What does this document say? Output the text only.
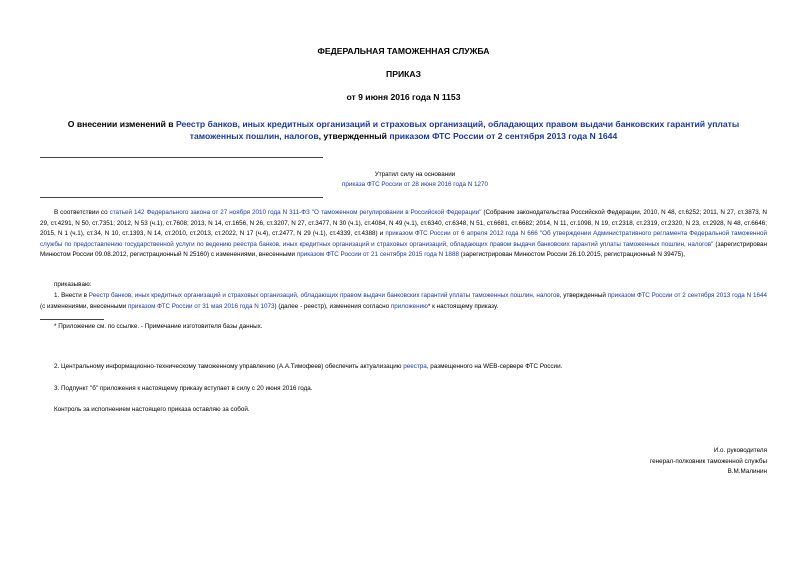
ФЕДЕРАЛЬНАЯ ТАМОЖЕННАЯ СЛУЖБА
ПРИКАЗ
от 9 июня 2016 года N 1153
О внесении изменений в Реестр банков, иных кредитных организаций и страховых организаций, обладающих правом выдачи банковских гарантий уплаты таможенных пошлин, налогов, утвержденный приказом ФТС России от 2 сентября 2013 года N 1644
Утратил силу на основании
приказа ФТС России от 28 июня 2016 года N 1270
В соответствии со статьей 142 Федерального закона от 27 ноября 2010 года N 311-ФЗ "О таможенном регулировании в Российской Федерации" (Собрание законодательства Российской Федерации, 2010, N 48, ст.6252; 2011, N 27, ст.3873, N 29, ст.4291, N 50, ст.7351; 2012, N 53 (ч.1), ст.7608; 2013, N 14, ст.1656, N 26, ст.3207, N 27, ст.3477, N 30 (ч.1), ст.4084, N 49 (ч.1), ст.6340, ст.6348, N 51, ст.6681, ст.6682; 2014, N 11, ст.1098, N 19, ст.2318, ст.2319, ст.2320, N 23, ст.2928, N 48, ст.6646; 2015, N 1 (ч.1), ст.34, N 10, ст.1393, N 14, ст.2010, ст.2013, ст.2022, N 17 (ч.4), ст.2477, N 29 (ч.1), ст.4339, ст.4388) и приказом ФТС России от 6 апреля 2012 года N 666 "Об утверждении Административного регламента Федеральной таможенной службы по предоставлению государственной услуги по ведению реестра банков, иных кредитных организаций и страховых организаций, обладающих правом выдачи банковских гарантий уплаты таможенных пошлин, налогов" (зарегистрирован Минюстом России 09.08.2012, регистрационный N 25160) с изменениями, внесенными приказом ФТС России от 21 сентября 2015 года N 1888 (зарегистрирован Минюстом России 26.10.2015, регистрационный N 39475),
приказываю:
1. Внести в Реестр банков, иных кредитных организаций и страховых организаций, обладающих правом выдачи банковских гарантий уплаты таможенных пошлин, налогов, утвержденный приказом ФТС России от 2 сентября 2013 года N 1644 (с изменениями, внесенными приказом ФТС России от 31 мая 2016 года N 1073) (далее - реестр), изменения согласно приложению* к настоящему приказу.
* Приложение см. по ссылке. - Примечание изготовителя базы данных.
2. Центральному информационно-техническому таможенному управлению (А.А.Тимофеев) обеспечить актуализацию реестра, размещенного на WEB-сервере ФТС России.
3. Подпункт "б" приложения к настоящему приказу вступает в силу с 20 июня 2016 года.
Контроль за исполнением настоящего приказа оставляю за собой.
И.о. руководителя
генерал-полковник таможенной службы
В.М.Малинин
